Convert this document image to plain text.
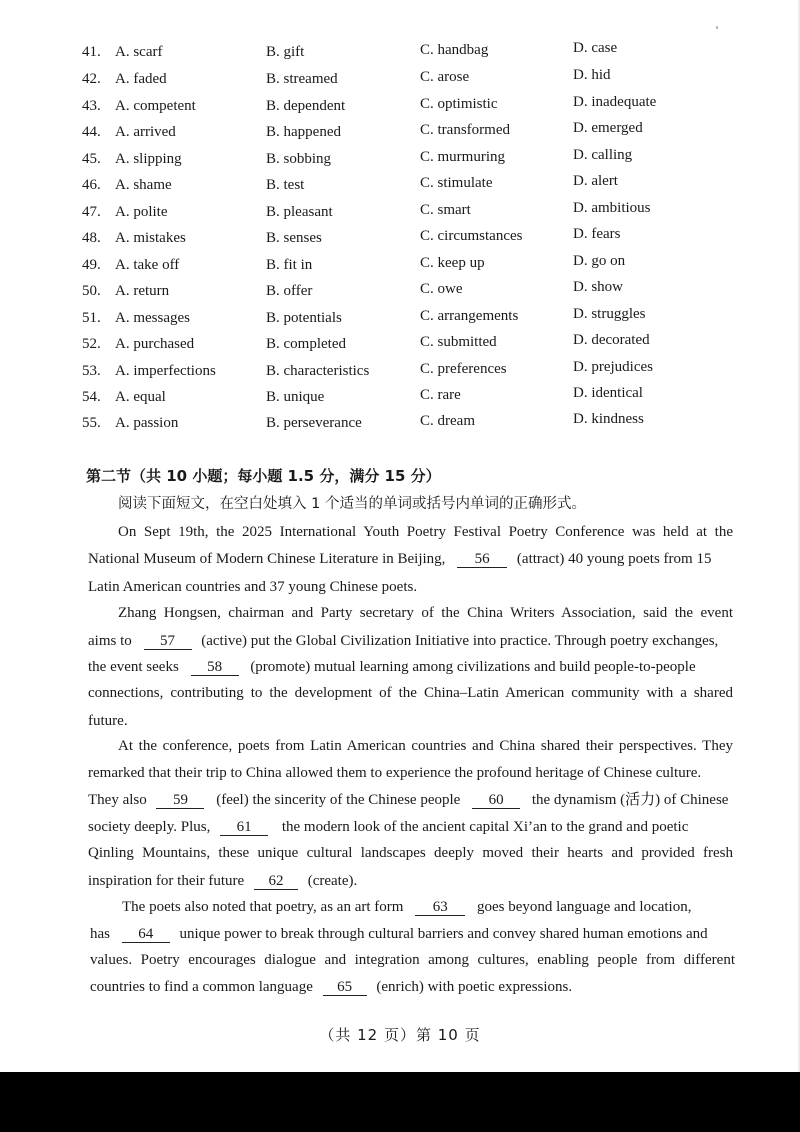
41. A. scarf	B. gift	C. handbag	D. case
42. A. faded	B. streamed	C. arose	D. hid
43. A. competent	B. dependent	C. optimistic	D. inadequate
44. A. arrived	B. happened	C. transformed	D. emerged
45. A. slipping	B. sobbing	C. murmuring	D. calling
46. A. shame	B. test	C. stimulate	D. alert
47. A. polite	B. pleasant	C. smart	D. ambitious
48. A. mistakes	B. senses	C. circumstances	D. fears
49. A. take off	B. fit in	C. keep up	D. go on
50. A. return	B. offer	C. owe	D. show
51. A. messages	B. potentials	C. arrangements	D. struggles
52. A. purchased	B. completed	C. submitted	D. decorated
53. A. imperfections	B. characteristics	C. preferences	D. prejudices
54. A. equal	B. unique	C. rare	D. identical
55. A. passion	B. perseverance	C. dream	D. kindness
第二节（共 10 小题；每小题 1.5 分，满分 15 分）
阅读下面短文，在空白处填入 1 个适当的单词或括号内单词的正确形式。
On Sept 19th, the 2025 International Youth Poetry Festival Poetry Conference was held at the
National Museum of Modern Chinese Literature in Beijing, 56 (attract) 40 young poets from 15
Latin American countries and 37 young Chinese poets.
Zhang Hongsen, chairman and Party secretary of the China Writers Association, said the event
aims to 57 (active) put the Global Civilization Initiative into practice. Through poetry exchanges,
the event seeks 58 (promote) mutual learning among civilizations and build people-to-people
connections, contributing to the development of the China–Latin American community with a shared
future.
At the conference, poets from Latin American countries and China shared their perspectives. They
remarked that their trip to China allowed them to experience the profound heritage of Chinese culture.
They also 59 (feel) the sincerity of the Chinese people 60 the dynamism (活力) of Chinese
society deeply. Plus, 61 the modern look of the ancient capital Xi’an to the grand and poetic
Qinling Mountains, these unique cultural landscapes deeply moved their hearts and provided fresh
inspiration for their future 62 (create).
The poets also noted that poetry, as an art form 63 goes beyond language and location,
has 64 unique power to break through cultural barriers and convey shared human emotions and
values. Poetry encourages dialogue and integration among cultures, enabling people from different
countries to find a common language 65 (enrich) with poetic expressions.
（共 12 页）第 10 页
